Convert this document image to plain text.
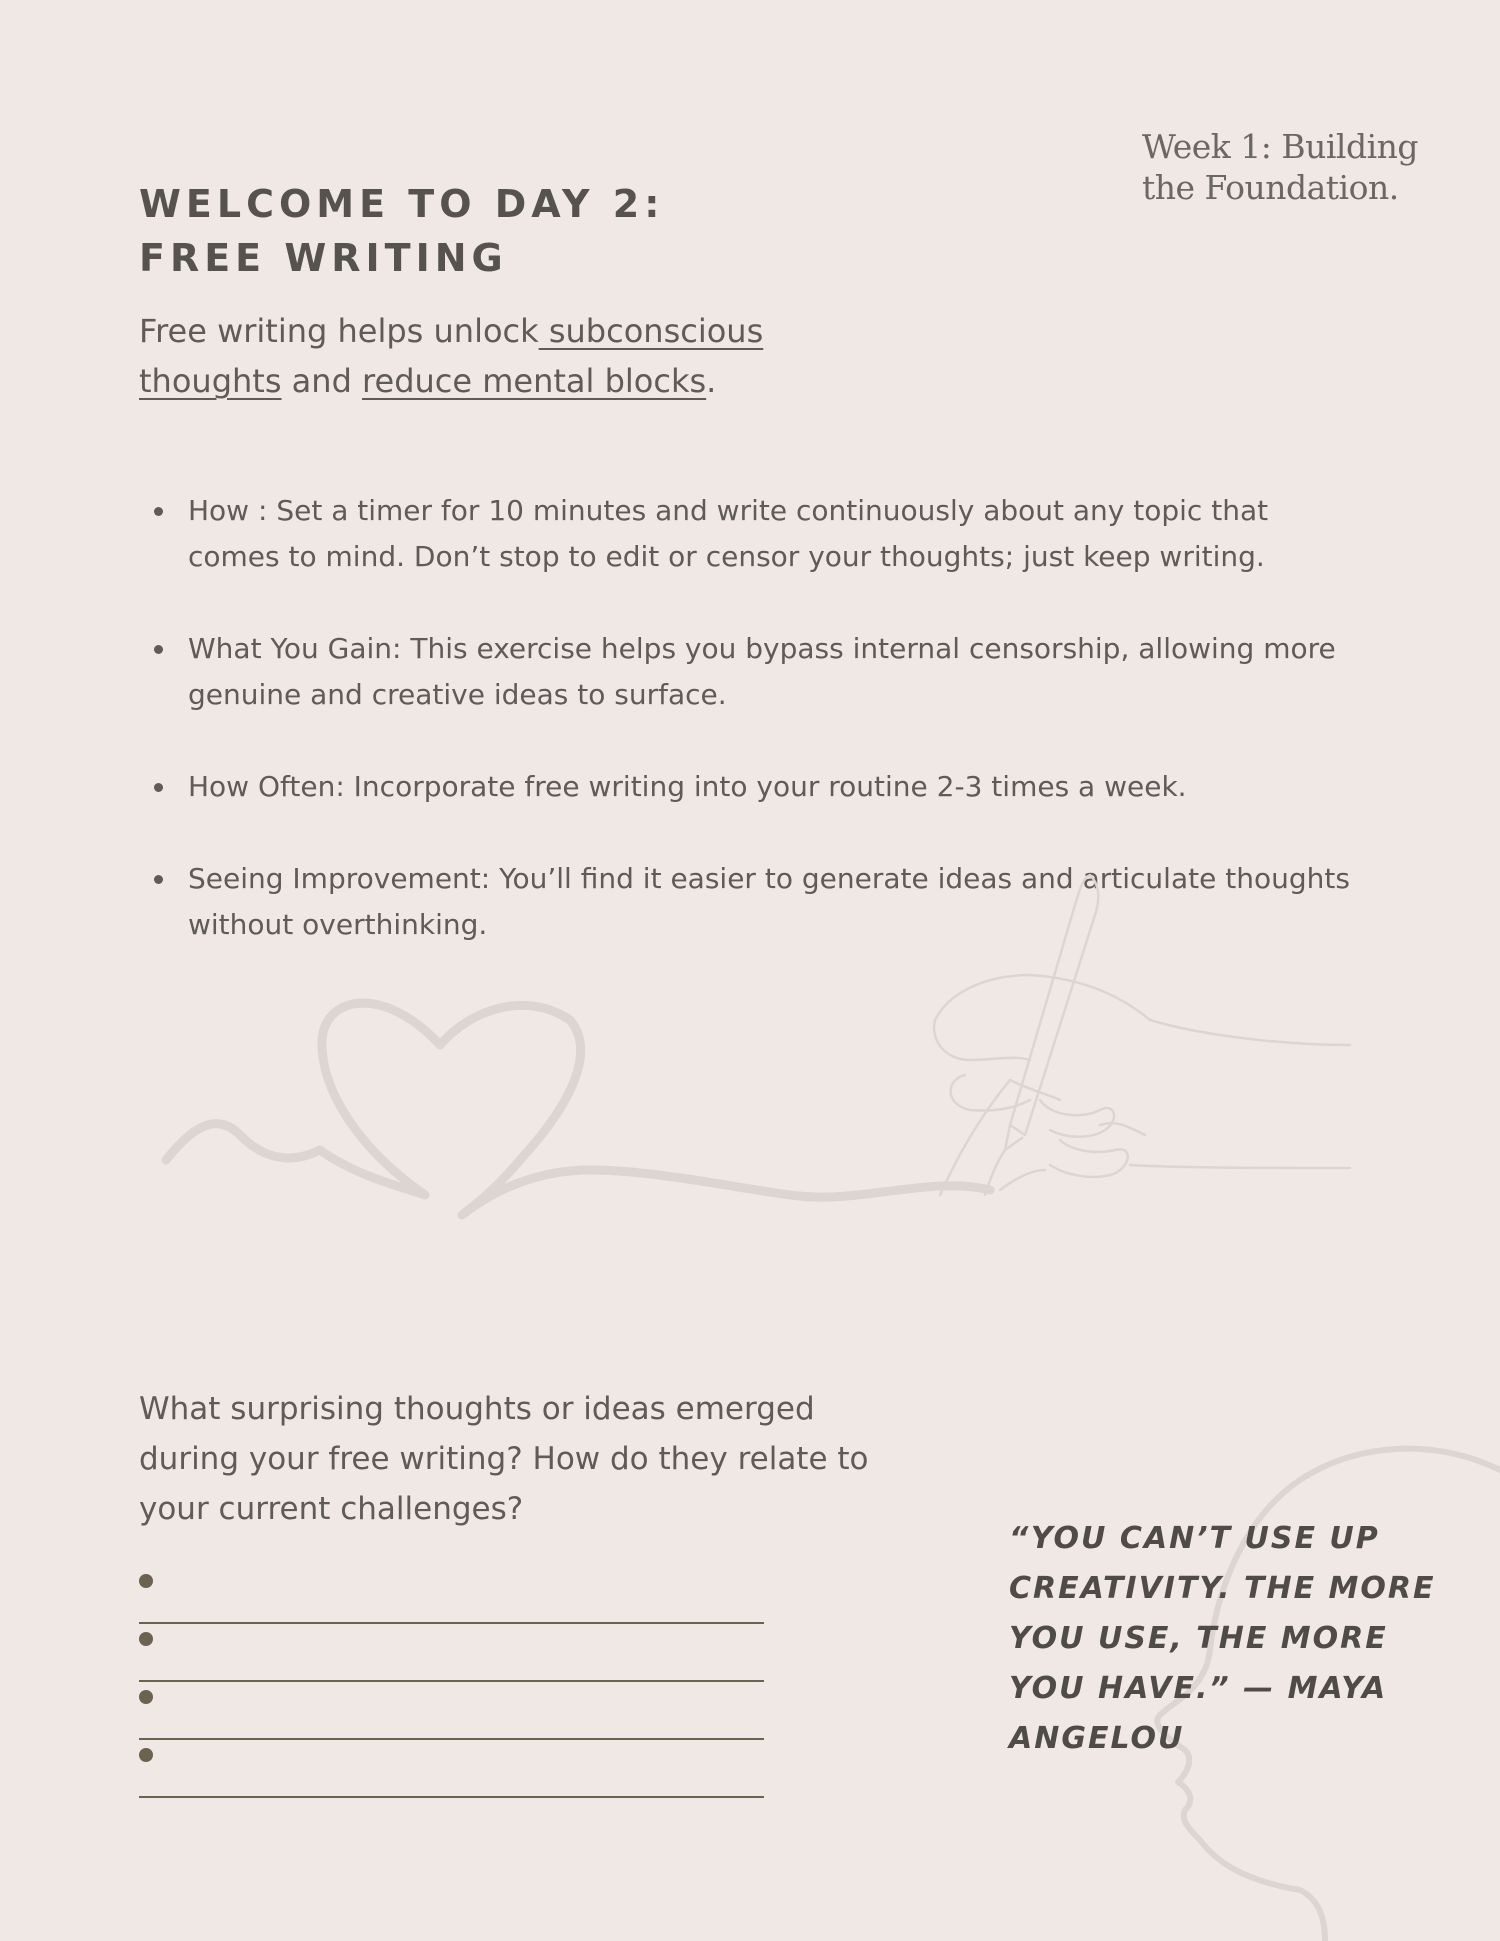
Week 1: Building the Foundation.
WELCOME TO DAY 2:
FREE WRITING

Free writing helps unlock subconscious thoughts and reduce mental blocks.

How : Set a timer for 10 minutes and write continuously about any topic that comes to mind. Don’t stop to edit or censor your thoughts; just keep writing.
What You Gain: This exercise helps you bypass internal censorship, allowing more genuine and creative ideas to surface.
How Often: Incorporate free writing into your routine 2-3 times a week.
Seeing Improvement: You’ll find it easier to generate ideas and articulate thoughts without overthinking.

What surprising thoughts or ideas emerged during your free writing? How do they relate to your current challenges?

“YOU CAN’T USE UP CREATIVITY. THE MORE YOU USE, THE MORE YOU HAVE.” — MAYA ANGELOU
